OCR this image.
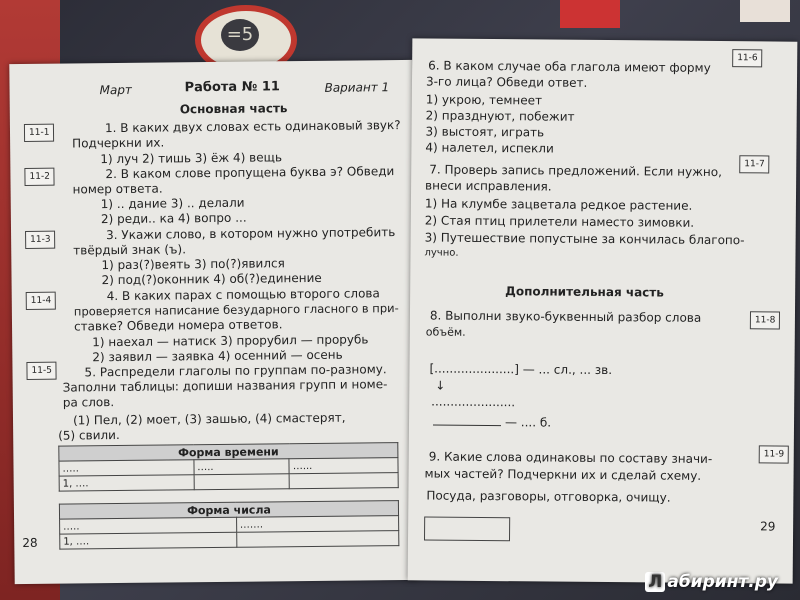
=5
Март	Работа № 11	Вариант 1
Основная часть
11-1	1. В каких двух словах есть одинаковый звук?
Подчеркни их.
1) луч 2) тишь 3) ёж 4) вещь
11-2	2. В каком слове пропущена буква э? Обведи
номер ответа.
1) .. дание 3) .. делали
2) реди.. ка 4) вопро ...
11-3	3. Укажи слово, в котором нужно употребить
твёрдый знак (ъ).
1) раз(?)веять 3) по(?)явился
2) под(?)оконник 4) об(?)единение
11-4	4. В каких парах с помощью второго слова
проверяется написание безударного гласного в при-
ставке? Обведи номера ответов.
1) наехал — натиск 3) прорубил — прорубь
2) заявил — заявка 4) осенний — осень
11-5	5. Распредели глаголы по группам по-разному.
Заполни таблицы: допиши названия групп и номе-
ра слов.
(1) Пел, (2) моет, (3) зашью, (4) смастерят,
(5) свили.
Форма времени		
…..	…..	…...
1, ….		
Форма числа	
…..	…….
1, ….	
28
11-6
6. В каком случае оба глагола имеют форму
3-го лица? Обведи ответ.
1) укрою, темнеет
2) празднуют, побежит
3) выстоят, играть
4) налетел, испекли
11-7
7. Проверь запись предложений. Если нужно,
внеси исправления.
1) На клумбе зацветала редкое растение.
2) Стая птиц прилетели наместо зимовки.
3) Путешествие попустыне за кончилась благопо-
лучно.
Дополнительная часть
11-8
8. Выполни звуко-буквенный разбор слова
объём.
[.....................] — ... сл., ... зв.
↓
......................
— .... б.
11-9
9. Какие слова одинаковы по составу значи-
мых частей? Подчеркни их и сделай схему.
Посуда, разговоры, отговорка, очищу.
29
Л абиринт.ру
